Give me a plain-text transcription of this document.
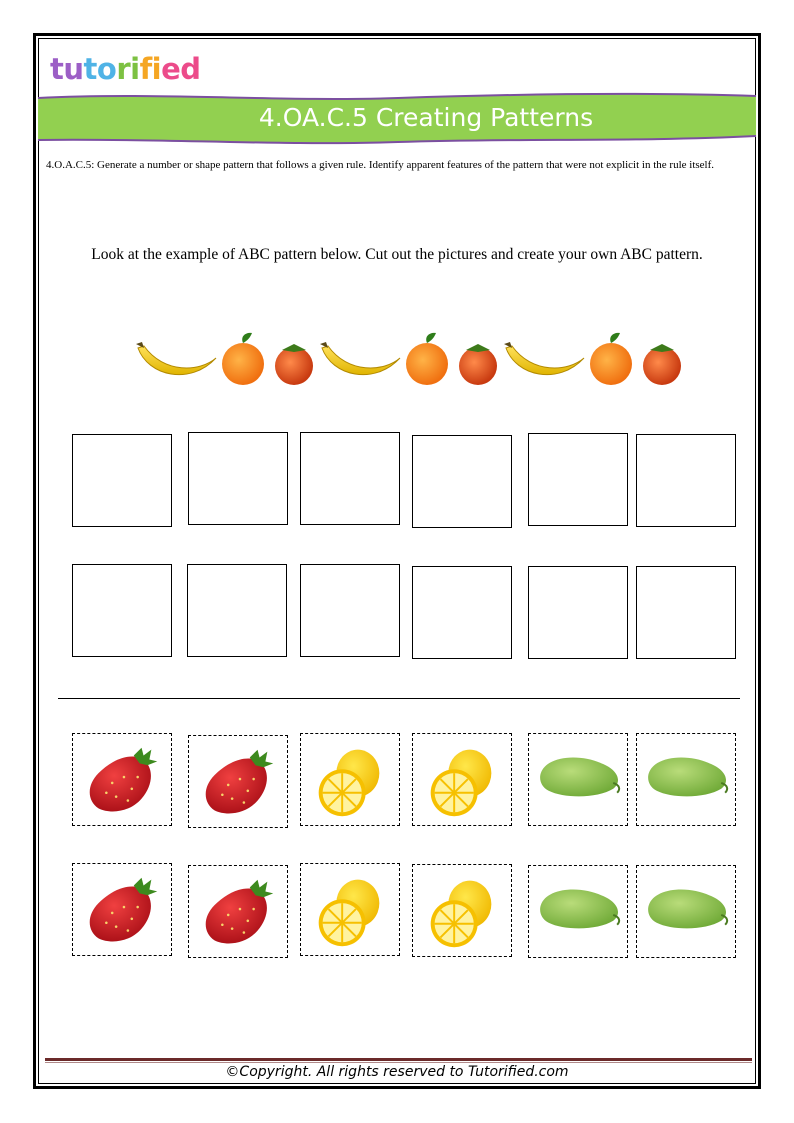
tutorified
4.OA.C.5 Creating Patterns
4.O.A.C.5: Generate a number or shape pattern that follows a given rule. Identify apparent features of the pattern that were not explicit in the rule itself.
Look at the example of ABC pattern below. Cut out the pictures and create your own ABC pattern.
©Copyright. All rights reserved to Tutorified.com
